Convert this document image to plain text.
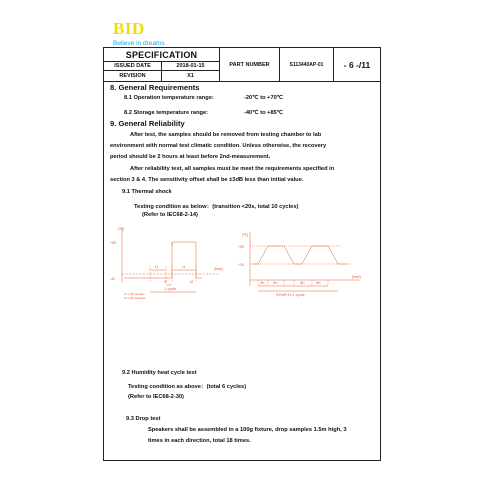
BID
Believe in dreams
SPECIFICATION
ISSUED DATE	2018-01-15
REVISION	X1
PART NUMBER	S113440AP-01	- 6 -/11
8. General Requirements
8.1 Operation temperature range:	-20℃ to +70℃
8.2 Storage temperature range:	-40℃ to +85℃
9. General Reliability
After test, the samples should be removed from testing chamber to lab
environment with normal test climatic condition. Unless otherwise, the recovery
period should be 2 hours at least before 2nd-measurement.
After reliability test, all samples must be meet the requirements specified in
section 3 & 4. The sensitivity offset shall be ±3dB less than initial value.
9.1 Thermal shock
Testing condition as below：(transition <20s, total 10 cycles)
(Refer to IEC68-2-14)
[℃]
+85
-40
[time]
t1	t1
t2	t2
1 cycle
t1 = 30 minutes
t2 = 20 seconds
[℃]
+55
+25
[time]
3h 9h	3h	9h
93%R.H-1 cycle
9.2 Humidity heat cycle test
Testing condition as above：(total 6 cycles)
(Refer to IEC68-2-30)
9.3 Drop test
Speakers shall be assembled in a 100g fixture, drop samples 1.5m high, 3
times in each direction, total 18 times.
